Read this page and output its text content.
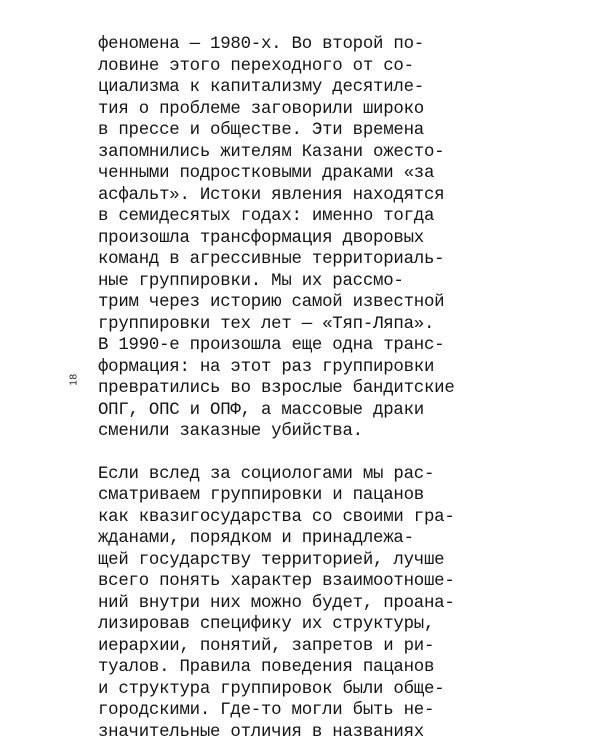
18
феномена — 1980-х. Во второй по-
ловине этого переходного от со-
циализма к капитализму десятиле-
тия о проблеме заговорили широко
в прессе и обществе. Эти времена
запомнились жителям Казани ожесто-
ченными подростковыми драками «за
асфальт». Истоки явления находятся
в семидесятых годах: именно тогда
произошла трансформация дворовых
команд в агрессивные территориаль-
ные группировки. Мы их рассмо-
трим через историю самой известной
группировки тех лет — «Тяп-Ляпа».
В 1990-е произошла еще одна транс-
формация: на этот раз группировки
превратились во взрослые бандитские
ОПГ, ОПС и ОПФ, а массовые драки
сменили заказные убийства.
Если вслед за социологами мы рас-
сматриваем группировки и пацанов
как квазигосударства со своими гра-
жданами, порядком и принадлежа-
щей государству территорией, лучше
всего понять характер взаимоотноше-
ний внутри них можно будет, проана-
лизировав специфику их структуры,
иерархии, понятий, запретов и ри-
туалов. Правила поведения пацанов
и структура группировок были обще-
городскими. Где-то могли быть не-
значительные отличия в названиях
